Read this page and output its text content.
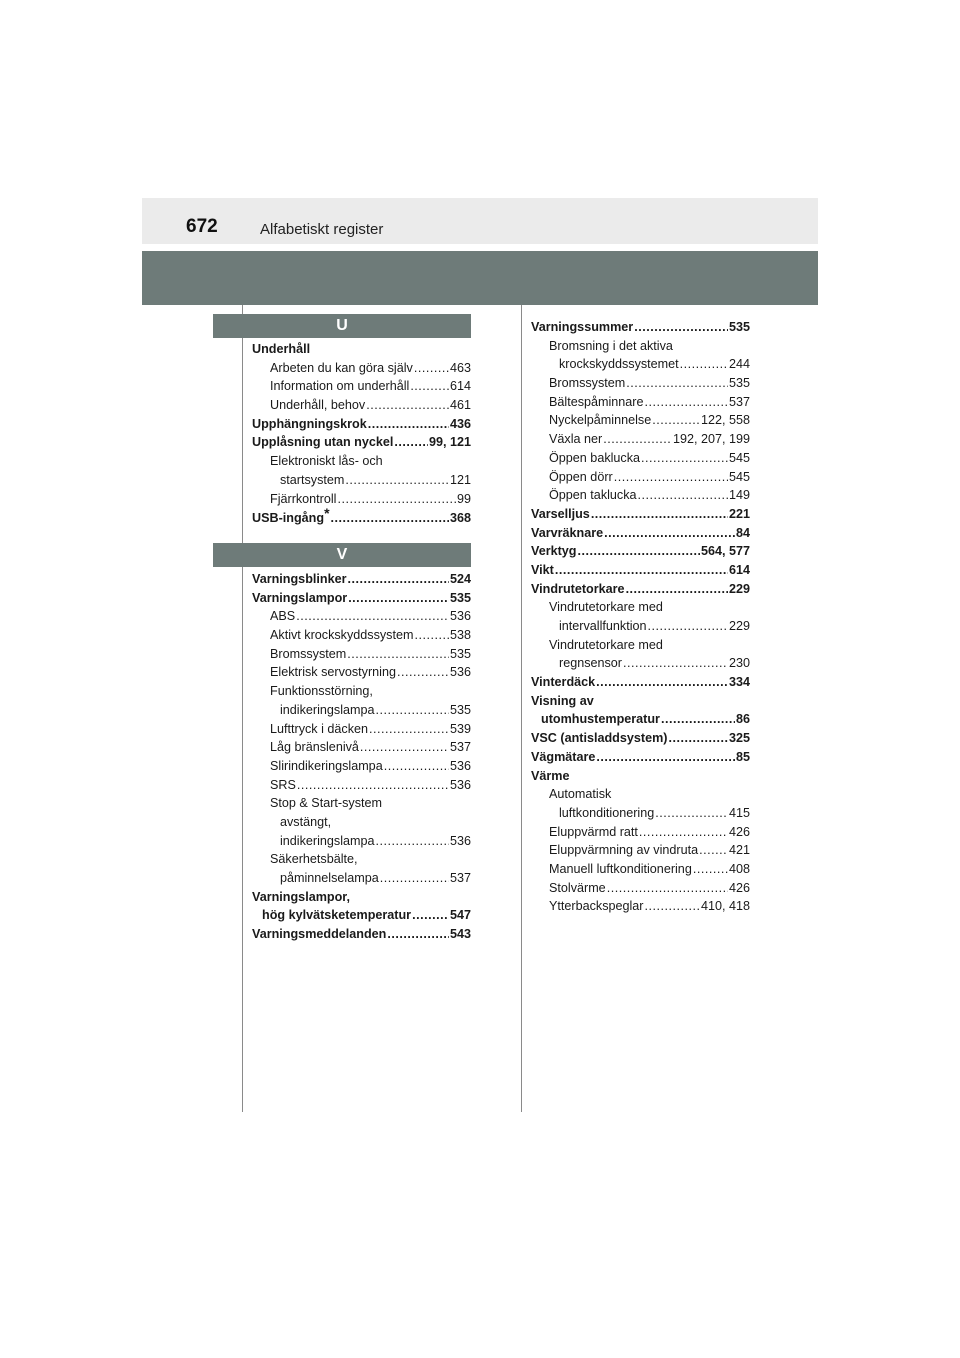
672	Alfabetiskt register
U
Underhåll
Arbeten du kan göra själv .....	463
Information om underhåll .....	614
Underhåll, behov .....	461
Upphängningskrok .....	436
Upplåsning utan nyckel .....	99, 121
Elektroniskt lås- och
startsystem .....	121
Fjärrkontroll .....	99
USB-ingång * .....	368
V
Varningsblinker .....	524
Varningslampor .....	535
ABS .....	536
Aktivt krockskyddssystem .....	538
Bromssystem .....	535
Elektrisk servostyrning .....	536
Funktionsstörning,
indikeringslampa .....	535
Lufttryck i däcken .....	539
Låg bränslenivå .....	537
Slirindikeringslampa .....	536
SRS .....	536
Stop & Start-system
avstängt,
indikeringslampa .....	536
Säkerhetsbälte,
påminnelselampa .....	537
Varningslampor,
hög kylvätsketemperatur .....	547
Varningsmeddelanden .....	543
Varningssummer .....	535
Bromsning i det aktiva
krockskyddssystemet .....	244
Bromssystem .....	535
Bältespåminnare .....	537
Nyckelpåminnelse .....	122, 558
Växla ner .....	192, 207, 199
Öppen baklucka .....	545
Öppen dörr .....	545
Öppen taklucka .....	149
Varselljus .....	221
Varvräknare .....	84
Verktyg .....	564, 577
Vikt .....	614
Vindrutetorkare .....	229
Vindrutetorkare med
intervallfunktion .....	229
Vindrutetorkare med
regnsensor .....	230
Vinterdäck .....	334
Visning av
utomhustemperatur .....	86
VSC (antisladdsystem) .....	325
Vägmätare .....	85
Värme
Automatisk
luftkonditionering .....	415
Eluppvärmd ratt .....	426
Eluppvärmning av vindruta ..... 421
Manuell luftkonditionering .....	408
Stolvärme .....	426
Ytterbackspeglar .....	410, 418
